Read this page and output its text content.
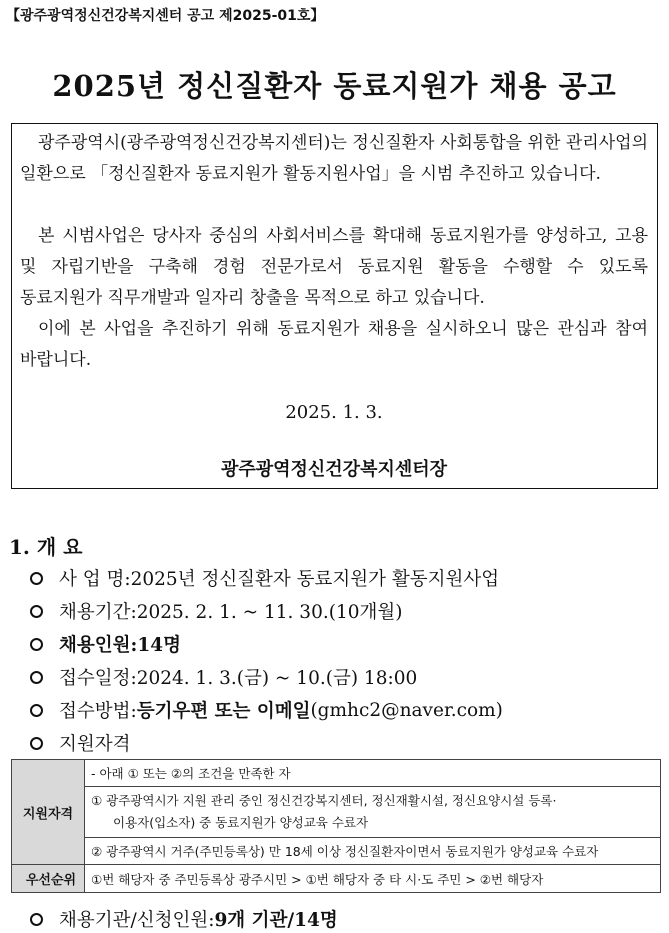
【광주광역정신건강복지센터 공고 제2025-01호】
2025년 정신질환자 동료지원가 채용 공고
광주광역시(광주광역정신건강복지센터)는 정신질환자 사회통합을 위한 관리사업의 일환으로 「정신질환자 동료지원가 활동지원사업」을 시범 추진하고 있습니다.
본 시범사업은 당사자 중심의 사회서비스를 확대해 동료지원가를 양성하고, 고용 및 자립기반을 구축해 경험 전문가로서 동료지원 활동을 수행할 수 있도록 동료지원가 직무개발과 일자리 창출을 목적으로 하고 있습니다.
이에 본 사업을 추진하기 위해 동료지원가 채용을 실시하오니 많은 관심과 참여 바랍니다.
2025. 1. 3.
광주광역정신건강복지센터장
1. 개 요
사 업 명: 2025년 정신질환자 동료지원가 활동지원사업
채용기간: 2025. 2. 1. ~ 11. 30.(10개월)
채용인원: 14명
접수일정: 2024. 1. 3.(금) ~ 10.(금) 18:00
접수방법: 등기우편 또는 이메일 (gmhc2@naver.com)
지원자격
지원자격	- 아래 ① 또는 ②의 조건을 만족한 자

	① 광주광역시가 지원 관리 중인 정신건강복지센터, 정신재활시설, 정신요양시설 등록·
이용자(입소자) 중 동료지원가 양성교육 수료자

	② 광주광역시 거주(주민등록상) 만 18세 이상 정신질환자이면서 동료지원가 양성교육 수료자
우선순위	①번 해당자 중 주민등록상 광주시민 > ①번 해당자 중 타 시·도 주민 > ②번 해당자
채용기관/신청인원: 9개 기관/14명
